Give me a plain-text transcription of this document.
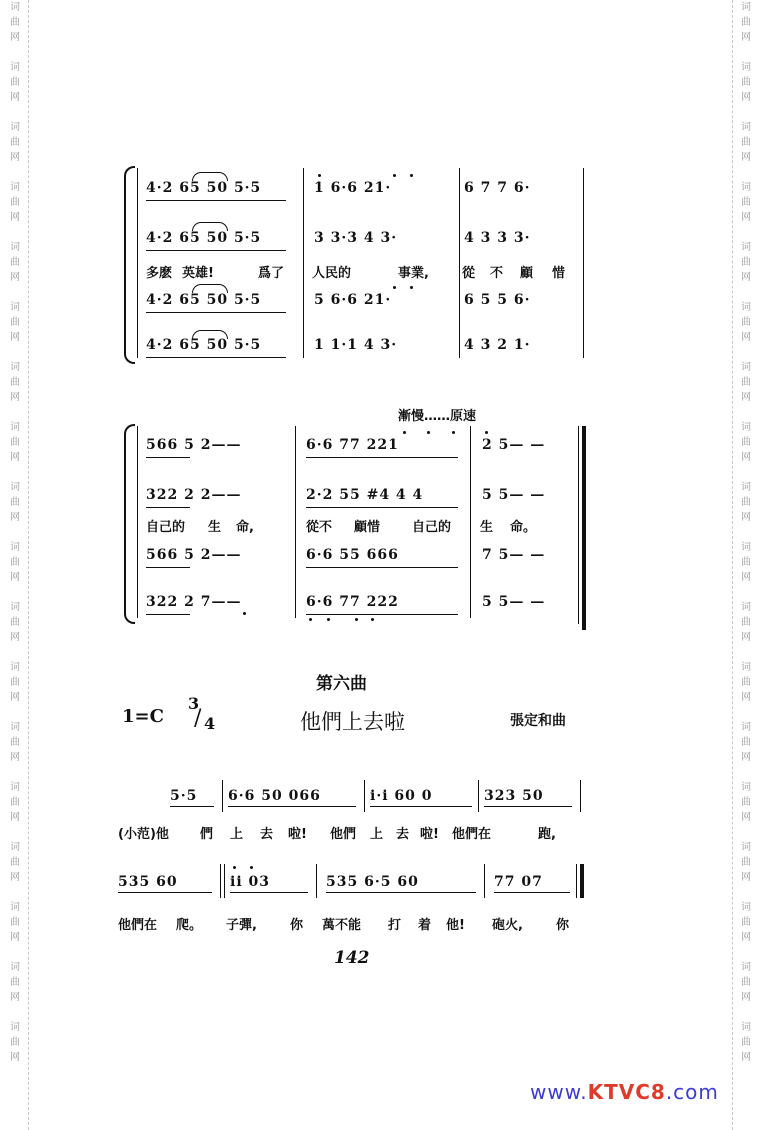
词
曲
网
词
曲
网
词
曲
网
词
曲
网
词
曲
网
词
曲
网
词
曲
网
词
曲
网
词
曲
网
词
曲
网
词
曲
网
词
曲
网
词
曲
网
词
曲
网
词
曲
网
词
曲
网
词
曲
网
词
曲
网
词
曲
网
词
曲
网
词
曲
网
词
曲
网
词
曲
网
词
曲
网
词
曲
网
词
曲
网
词
曲
网
词
曲
网
词
曲
网
词
曲
网
词
曲
网
词
曲
网
词
曲
网
词
曲
网
词
曲
网
词
曲
网
4·2 65 50 5·5	1 6·6 21·	6 7 7 6·
4·2 65 50 5·5	3 3·3 4 3·	4 3 3 3·
多麽 英雄!	爲了 人民的	事業,	從 不 顧 惜
4·2 65 50 5·5	5 6·6 21·	6 5 5 6·
4·2 65 50 5·5	1 1·1 4 3·	4 3 2 1·
漸慢……原速
566 5 2——	6·6 77 221	2 5— —
322 2 2——	2·2 55 #4 4 4	5 5— —
自己的 生 命,	從不 顧惜 自己的 生 命。
566 5 2——	6·6 55 666	7 5— —
322 2 7——	6·6 77 222	5 5— —
第六曲
1=C
3
/ 4	他們上去啦	張定和曲
5·5 6·6 50 066	i·i 60 0	323 50
(小范)他 們 上 去 啦! 他們 上 去 啦! 他們在	跑,
535 60	ii 03	535 6·5 60	77 07
他們在 爬。 子彈,	你 萬不能 打 着 他! 砲火,	你
142
www.KTVC8.com
